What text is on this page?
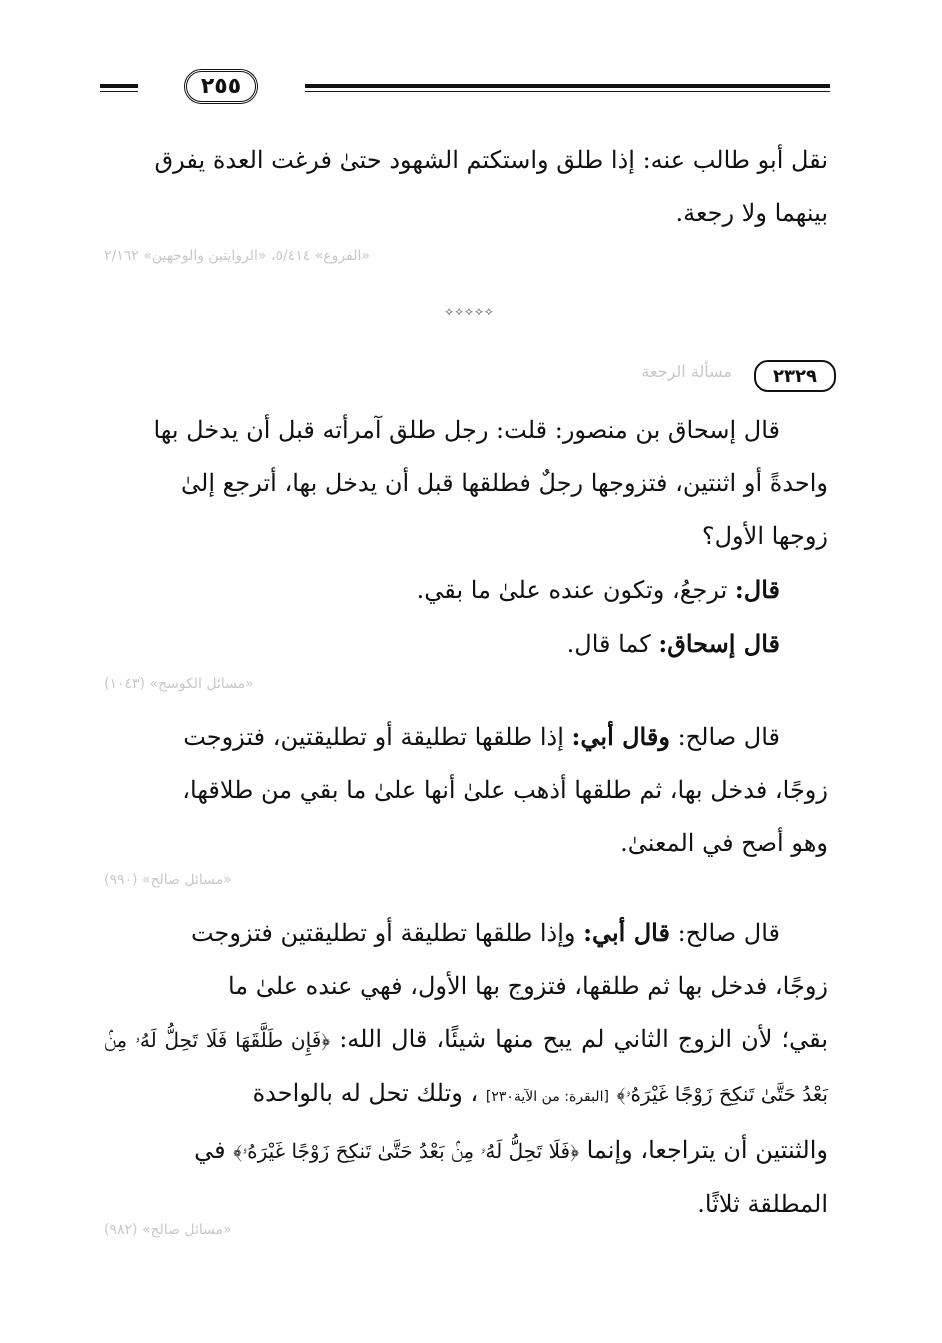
٢٥٥
نقل أبو طالب عنه: إذا طلق واستكتم الشهود حتىٰ فرغت العدة يفرق
بينهما ولا رجعة.
«الفروع» ٥/٤١٤، «الروايتين والوجهين» ٢/١٦٢
⟡⟡⟡⟡⟡
٢٣٢٩
مسألة الرجعة
قال إسحاق بن منصور: قلت: رجل طلق آمرأته قبل أن يدخل بها
واحدةً أو اثنتين، فتزوجها رجلٌ فطلقها قبل أن يدخل بها، أترجع إلىٰ
زوجها الأول؟
قال: ترجعُ، وتكون عنده علىٰ ما بقي.
قال إسحاق: كما قال.
«مسائل الكوسج» (١٠٤٣)
قال صالح: وقال أبي: إذا طلقها تطليقة أو تطليقتين، فتزوجت
زوجًا، فدخل بها، ثم طلقها أذهب علىٰ أنها علىٰ ما بقي من طلاقها،
وهو أصح في المعنىٰ.
«مسائل صالح» (٩٩٠)
قال صالح: قال أبي: وإذا طلقها تطليقة أو تطليقتين فتزوجت
زوجًا، فدخل بها ثم طلقها، فتزوج بها الأول، فهي عنده علىٰ ما
بقي؛ لأن الزوج الثاني لم يبح منها شيئًا، قال الله: ﴿فَإِن طَلَّقَهَا فَلَا تَحِلُّ لَهُۥ مِنۢ بَعْدُ حَتَّىٰ تَنكِحَ زَوْجًا غَيْرَهُۥ﴾ [البقرة: من الآية٢٣٠] ، وتلك تحل له بالواحدة
والثنتين أن يتراجعا، وإنما ﴿فَلَا تَحِلُّ لَهُۥ مِنۢ بَعْدُ حَتَّىٰ تَنكِحَ زَوْجًا غَيْرَهُۥ﴾ في
المطلقة ثلاثًا.
«مسائل صالح» (٩٨٢)
